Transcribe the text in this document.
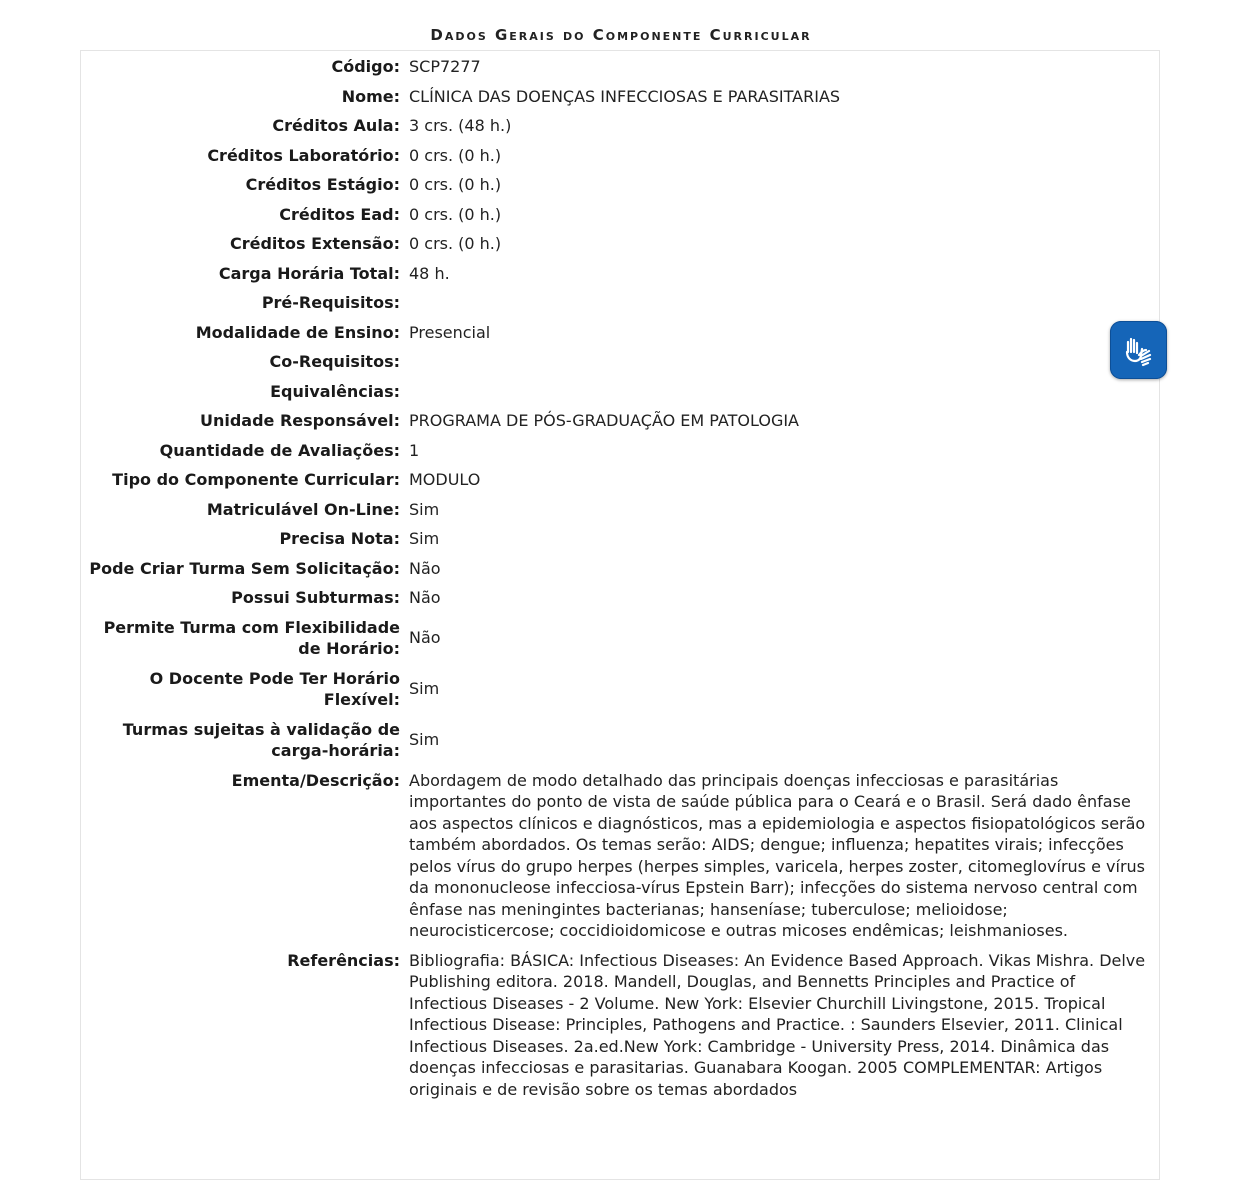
Dados Gerais do Componente Curricular
Código:	SCP7277
Nome:	CLÍNICA DAS DOENÇAS INFECCIOSAS E PARASITARIAS
Créditos Aula:	3 crs. (48 h.)
Créditos Laboratório:	0 crs. (0 h.)
Créditos Estágio:	0 crs. (0 h.)
Créditos Ead:	0 crs. (0 h.)
Créditos Extensão:	0 crs. (0 h.)
Carga Horária Total:	48 h.
Pré-Requisitos:	
Modalidade de Ensino:	Presencial
Co-Requisitos:	
Equivalências:	
Unidade Responsável:	PROGRAMA DE PÓS-GRADUAÇÃO EM PATOLOGIA
Quantidade de Avaliações:	1
Tipo do Componente Curricular:	MODULO
Matriculável On-Line:	Sim
Precisa Nota:	Sim
Pode Criar Turma Sem Solicitação:	Não
Possui Subturmas:	Não
Permite Turma com Flexibilidade de Horário:	Não
O Docente Pode Ter Horário Flexível:	Sim
Turmas sujeitas à validação de carga-horária:	Sim
Ementa/Descrição:	Abordagem de modo detalhado das principais doenças infecciosas e parasitárias importantes do ponto de vista de saúde pública para o Ceará e o Brasil. Será dado ênfase aos aspectos clínicos e diagnósticos, mas a epidemiologia e aspectos fisiopatológicos serão também abordados. Os temas serão: AIDS; dengue; influenza; hepatites virais; infecções pelos vírus do grupo herpes (herpes simples, varicela, herpes zoster, citomeglovírus e vírus da mononucleose infecciosa-vírus Epstein Barr); infecções do sistema nervoso central com ênfase nas meningintes bacterianas; hanseníase; tuberculose; melioidose; neurocisticercose; coccidioidomicose e outras micoses endêmicas; leishmanioses.
Referências:	Bibliografia: BÁSICA: Infectious Diseases: An Evidence Based Approach. Vikas Mishra. Delve Publishing editora. 2018. Mandell, Douglas, and Bennetts Principles and Practice of Infectious Diseases - 2 Volume. New York: Elsevier Churchill Livingstone, 2015. Tropical Infectious Disease: Principles, Pathogens and Practice. : Saunders Elsevier, 2011. Clinical Infectious Diseases. 2a.ed.New York: Cambridge - University Press, 2014. Dinâmica das doenças infecciosas e parasitarias. Guanabara Koogan. 2005 COMPLEMENTAR: Artigos originais e de revisão sobre os temas abordados
